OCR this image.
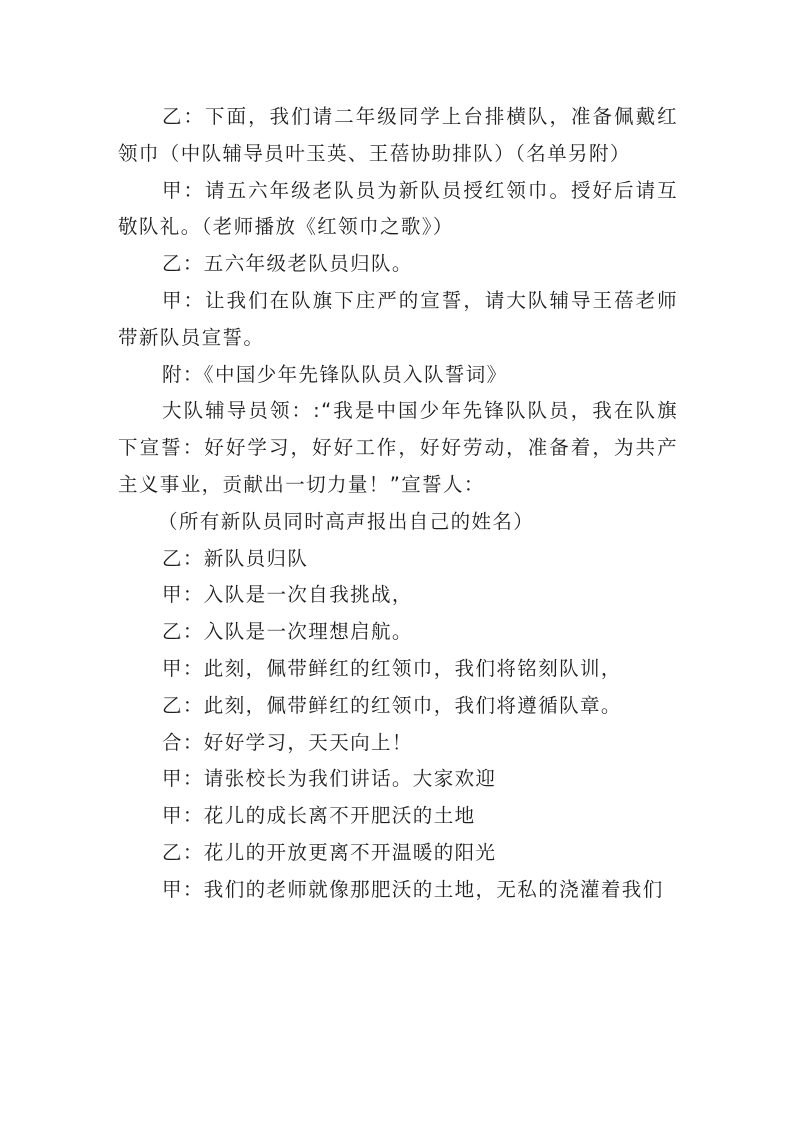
乙：下面，我们请二年级同学上台排横队，准备佩戴红领巾（中队辅导员叶玉英、王蓓协助排队）（名单另附）

甲：请五六年级老队员为新队员授红领巾。授好后请互敬队礼。（老师播放《红领巾之歌》）

乙：五六年级老队员归队。

甲：让我们在队旗下庄严的宣誓，请大队辅导王蓓老师带新队员宣誓。

附：《中国少年先锋队队员入队誓词》

大队辅导员领：:“我是中国少年先锋队队员，我在队旗下宣誓：好好学习，好好工作，好好劳动，准备着，为共产主义事业，贡献出一切力量！”宣誓人：

（所有新队员同时高声报出自己的姓名）

乙：新队员归队

甲：入队是一次自我挑战，

乙：入队是一次理想启航。

甲：此刻，佩带鲜红的红领巾，我们将铭刻队训，

乙：此刻，佩带鲜红的红领巾，我们将遵循队章。

合：好好学习，天天向上！

甲：请张校长为我们讲话。大家欢迎

甲：花儿的成长离不开肥沃的土地

乙：花儿的开放更离不开温暖的阳光

甲：我们的老师就像那肥沃的土地，无私的浇灌着我们
